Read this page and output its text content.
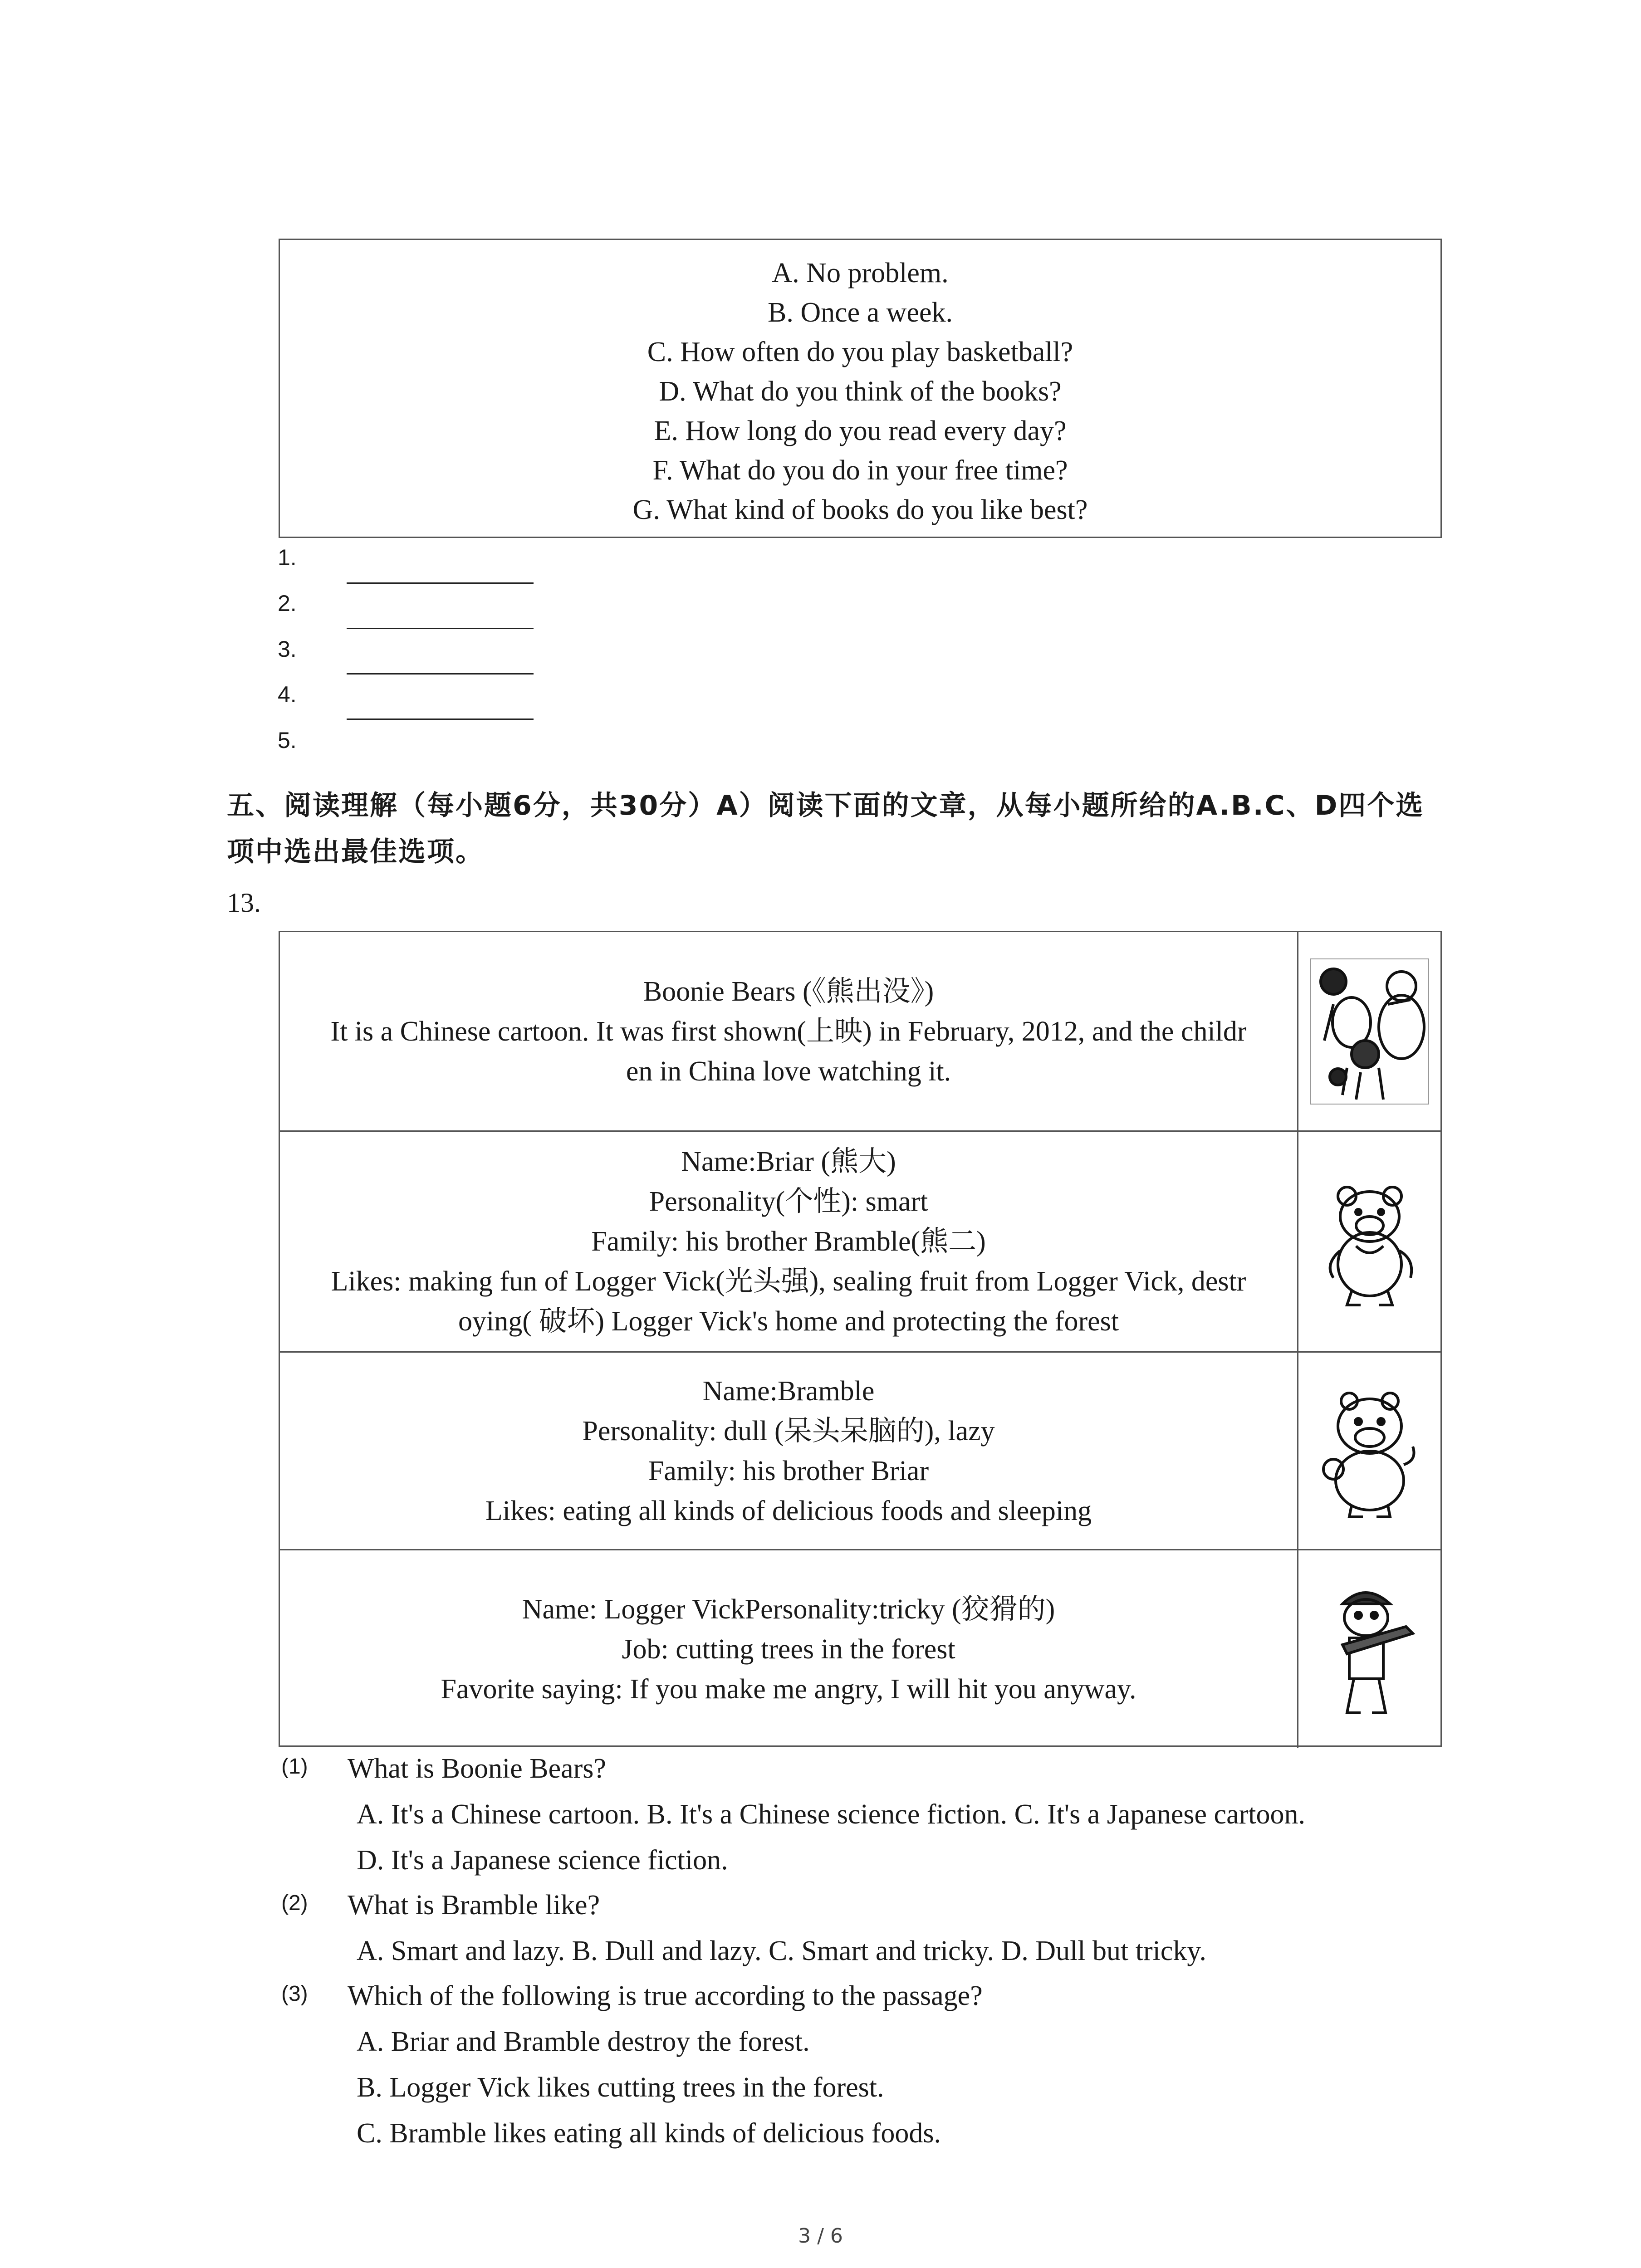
A. No problem.
B. Once a week.
C. How often do you play basketball?
D. What do you think of the books?
E. How long do you read every day?
F. What do you do in your free time?
G. What kind of books do you like best?
1.
2.
3.
4.
5.
五、阅读理解（每小题6分，共30分）A）阅读下面的文章，从每小题所给的A.B.C、D四个选项中选出最佳选项。
13.
Boonie Bears (《熊出没》)
It is a Chinese cartoon. It was first shown(上映) in February, 2012, and the childr
en in China love watching it.
Name:Briar (熊大)
Personality(个性): smart
Family: his brother Bramble(熊二)
Likes: making fun of Logger Vick(光头强), sealing fruit from Logger Vick, destr
oying( 破坏) Logger Vick's home and protecting the forest
Name:Bramble
Personality: dull (呆头呆脑的), lazy
Family: his brother Briar
Likes: eating all kinds of delicious foods and sleeping
Name: Logger VickPersonality:tricky (狡猾的)
Job: cutting trees in the forest
Favorite saying: If you make me angry, I will hit you anyway.
(1) What is Boonie Bears?
A. It's a Chinese cartoon. B. It's a Chinese science fiction. C. It's a Japanese cartoon.
D. It's a Japanese science fiction.
(2) What is Bramble like?
A. Smart and lazy. B. Dull and lazy. C. Smart and tricky. D. Dull but tricky.
(3) Which of the following is true according to the passage?
A. Briar and Bramble destroy the forest.
B. Logger Vick likes cutting trees in the forest.
C. Bramble likes eating all kinds of delicious foods.
3 / 6
